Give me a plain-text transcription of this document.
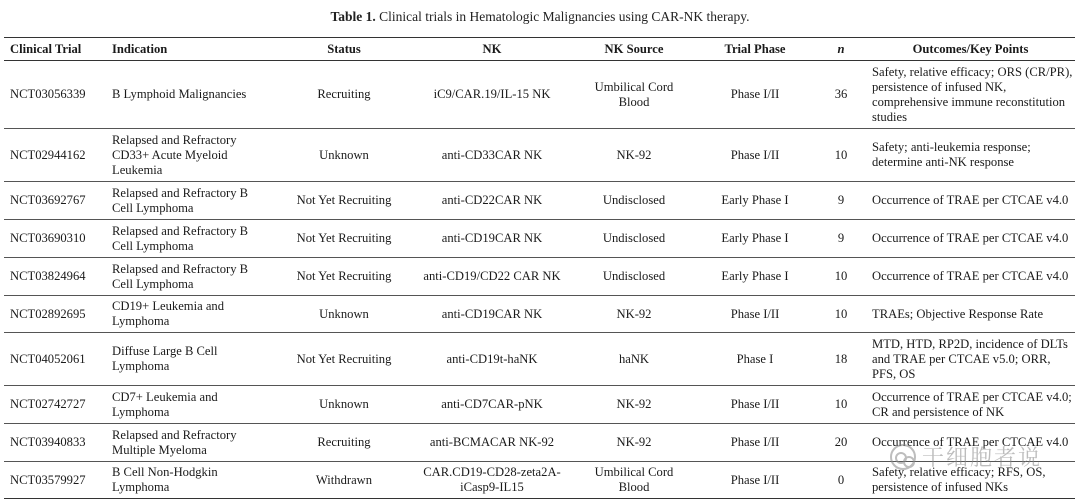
Table 1. Clinical trials in Hematologic Malignancies using CAR-NK therapy.
Clinical Trial	Indication	Status	NK	NK Source	Trial Phase	n	Outcomes/Key Points
NCT03056339	B Lymphoid Malignancies	Recruiting	iC9/CAR.19/IL-15 NK	Umbilical Cord Blood	Phase I/II	36	Safety, relative efficacy; ORS (CR/PR), persistence of infused NK, comprehensive immune reconstitution studies
NCT02944162	Relapsed and Refractory CD33+ Acute Myeloid Leukemia	Unknown	anti-CD33CAR NK	NK-92	Phase I/II	10	Safety; anti-leukemia response; determine anti-NK response
NCT03692767	Relapsed and Refractory B Cell Lymphoma	Not Yet Recruiting	anti-CD22CAR NK	Undisclosed	Early Phase I	9	Occurrence of TRAE per CTCAE v4.0
NCT03690310	Relapsed and Refractory B Cell Lymphoma	Not Yet Recruiting	anti-CD19CAR NK	Undisclosed	Early Phase I	9	Occurrence of TRAE per CTCAE v4.0
NCT03824964	Relapsed and Refractory B Cell Lymphoma	Not Yet Recruiting	anti-CD19/CD22 CAR NK	Undisclosed	Early Phase I	10	Occurrence of TRAE per CTCAE v4.0
NCT02892695	CD19+ Leukemia and Lymphoma	Unknown	anti-CD19CAR NK	NK-92	Phase I/II	10	TRAEs; Objective Response Rate
NCT04052061	Diffuse Large B Cell Lymphoma	Not Yet Recruiting	anti-CD19t-haNK	haNK	Phase I	18	MTD, HTD, RP2D, incidence of DLTs and TRAE per CTCAE v5.0; ORR, PFS, OS
NCT02742727	CD7+ Leukemia and Lymphoma	Unknown	anti-CD7CAR-pNK	NK-92	Phase I/II	10	Occurrence of TRAE per CTCAE v4.0; CR and persistence of NK
NCT03940833	Relapsed and Refractory Multiple Myeloma	Recruiting	anti-BCMACAR NK-92	NK-92	Phase I/II	20	Occurrence of TRAE per CTCAE v4.0
NCT03579927	B Cell Non-Hodgkin Lymphoma	Withdrawn	CAR.CD19-CD28-zeta2A-iCasp9-IL15	Umbilical Cord Blood	Phase I/II	0	Safety, relative efficacy; RFS, OS, persistence of infused NKs
干细胞者说
